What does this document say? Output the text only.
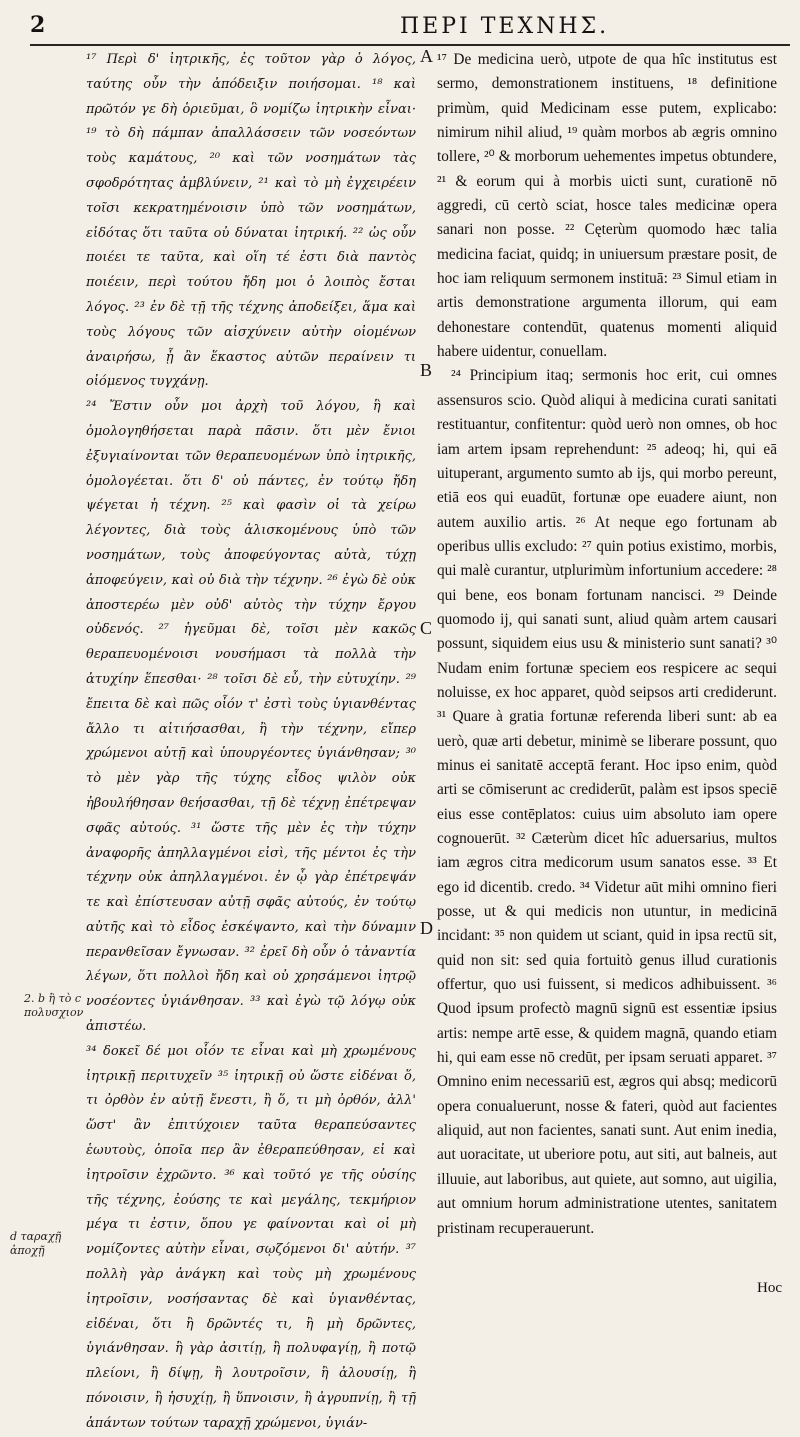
2	ΠΕΡΙ ΤΕΧΝΗΣ.

¹⁷ Περὶ δ' ἰητρικῆς, ἐς τοῦτον γὰρ ὁ λόγος, ταύτης οὖν τὴν ἀπόδειξιν ποιήσομαι. ¹⁸ καὶ πρῶτόν γε δὴ ὁριεῦμαι, ὃ νομίζω ἰητρικὴν εἶναι· ¹⁹ τὸ δὴ πάμπαν ἀπαλλάσσειν τῶν νοσεόντων τοὺς καμάτους, ²⁰ καὶ τῶν νοσημάτων τὰς σφοδρότητας ἀμβλύνειν, ²¹ καὶ τὸ μὴ ἐγχειρέειν τοῖσι κεκρατημένοισιν ὑπὸ τῶν νοσημάτων, εἰδότας ὅτι ταῦτα οὐ δύναται ἰητρική. ²² ὡς οὖν ποιέει τε ταῦτα, καὶ οἵη τέ ἐστι διὰ παντὸς ποιέειν, περὶ τούτου ἤδη μοι ὁ λοιπὸς ἔσται λόγος. ²³ ἐν δὲ τῇ τῆς τέχνης ἀποδείξει, ἅμα καὶ τοὺς λόγους τῶν αἰσχύνειν αὐτὴν οἰομένων ἀναιρήσω, ᾗ ἂν ἕκαστος αὐτῶν περαίνειν τι οἰόμενος τυγχάνῃ.

²⁴ Ἔστιν οὖν μοι ἀρχὴ τοῦ λόγου, ἣ καὶ ὁμολογηθήσεται παρὰ πᾶσιν. ὅτι μὲν ἔνιοι ἐξυγιαίνονται τῶν θεραπευομένων ὑπὸ ἰητρικῆς, ὁμολογέεται. ὅτι δ' οὐ πάντες, ἐν τούτῳ ἤδη ψέγεται ἡ τέχνη. ²⁵ καὶ φασὶν οἱ τὰ χείρω λέγοντες, διὰ τοὺς ἁλισκομένους ὑπὸ τῶν νοσημάτων, τοὺς ἀποφεύγοντας αὐτὰ, τύχῃ ἀποφεύγειν, καὶ οὐ διὰ τὴν τέχνην. ²⁶ ἐγὼ δὲ οὐκ ἀποστερέω μὲν οὐδ' αὐτὸς τὴν τύχην ἔργου οὐδενός. ²⁷ ἡγεῦμαι δὲ, τοῖσι μὲν κακῶς θεραπευομένοισι νουσήμασι τὰ πολλὰ τὴν ἀτυχίην ἕπεσθαι· ²⁸ τοῖσι δὲ εὖ, τὴν εὐτυχίην. ²⁹ ἔπειτα δὲ καὶ πῶς οἷόν τ' ἐστὶ τοὺς ὑγιανθέντας ἄλλο τι αἰτιήσασθαι, ἢ τὴν τέχνην, εἴπερ χρώμενοι αὐτῇ καὶ ὑπουργέοντες ὑγιάνθησαν; ³⁰ τὸ μὲν γὰρ τῆς τύχης εἶδος ψιλὸν οὐκ ἠβουλήθησαν θεήσασθαι, τῇ δὲ τέχνῃ ἐπέτρεψαν σφᾶς αὐτούς. ³¹ ὥστε τῆς μὲν ἐς τὴν τύχην ἀναφορῆς ἀπηλλαγμένοι εἰσὶ, τῆς μέντοι ἐς τὴν τέχνην οὐκ ἀπηλλαγμένοι. ἐν ᾧ γὰρ ἐπέτρεψάν τε καὶ ἐπίστευσαν αὐτῇ σφᾶς αὐτούς, ἐν τούτῳ αὐτῆς καὶ τὸ εἶδος ἐσκέψαντο, καὶ τὴν δύναμιν περανθεῖσαν ἔγνωσαν. ³² ἐρεῖ δὴ οὖν ὁ τἀναντία λέγων, ὅτι πολλοὶ ἤδη καὶ οὐ χρησάμενοι ἰητρῷ νοσέοντες ὑγιάνθησαν. ³³ καὶ ἐγὼ τῷ λόγῳ οὐκ ἀπιστέω.

³⁴ δοκεῖ δέ μοι οἷόν τε εἶναι καὶ μὴ χρωμένους ἰητρικῇ περιτυχεῖν ³⁵ ἰητρικῇ οὐ ὥστε εἰδέναι ὅ, τι ὀρθὸν ἐν αὐτῇ ἔνεστι, ἢ ὅ, τι μὴ ὀρθόν, ἀλλ' ὥστ' ἂν ἐπιτύχοιεν ταῦτα θεραπεύσαντες ἑωυτοὺς, ὁποῖα περ ἂν ἐθεραπεύθησαν, εἰ καὶ ἰητροῖσιν ἐχρῶντο. ³⁶ καὶ τοῦτό γε τῆς οὐσίης τῆς τέχνης, ἐούσης τε καὶ μεγάλης, τεκμήριον μέγα τι ἐστιν, ὅπου γε φαίνονται καὶ οἱ μὴ νομίζοντες αὐτὴν εἶναι, σῳζόμενοι δι' αὐτήν. ³⁷ πολλὴ γὰρ ἀνάγκη καὶ τοὺς μὴ χρωμένους ἰητροῖσιν, νοσήσαντας δὲ καὶ ὑγιανθέντας, εἰδέναι, ὅτι ἢ δρῶντές τι, ἢ μὴ δρῶντες, ὑγιάνθησαν. ἢ γὰρ ἀσιτίῃ, ἢ πολυφαγίῃ, ἢ ποτῷ πλείονι, ἢ δίψῃ, ἢ λουτροῖσιν, ἢ ἀλουσίῃ, ἢ πόνοισιν, ἢ ἡσυχίῃ, ἢ ὕπνοισιν, ἢ ἀγρυπνίῃ, ἢ τῇ ἁπάντων τούτων ταραχῇ χρώμενοι, ὑγιάν-

A
B
C
D

¹⁷ De medicina uerò, utpote de qua hîc institutus est sermo, demonstrationem instituens, ¹⁸ definitione primùm, quid Medicinam esse putem, explicabo: nimirum nihil aliud, ¹⁹ quàm morbos ab ægris omnino tollere, ²⁰ & morborum uehementes impetus obtundere, ²¹ & eorum qui à morbis uicti sunt, curationē nō aggredi, cū certò sciat, hosce tales medicinæ opera sanari non posse. ²² Cęterùm quomodo hæc talia medicina faciat, quidq; in uniuersum præstare posit, de hoc iam reliquum sermonem instituā: ²³ Simul etiam in artis demonstratione argumenta illorum, qui eam dehonestare contendūt, quatenus momenti aliquid habere uidentur, conuellam.

²⁴ Principium itaq; sermonis hoc erit, cui omnes assensuros scio. Quòd aliqui à medicina curati sanitati restituantur, confitentur: quòd uerò non omnes, ob hoc iam artem ipsam reprehendunt: ²⁵ adeoq; hi, qui eā uituperant, argumento sumto ab ijs, qui morbo pereunt, etiā eos qui euadūt, fortunæ ope euadere aiunt, non autem auxilio artis. ²⁶ At neque ego fortunam ab operibus ullis excludo: ²⁷ quin potius existimo, morbis, qui malè curantur, utplurimùm infortunium accedere: ²⁸ qui bene, eos bonam fortunam nancisci. ²⁹ Deinde quomodo ij, qui sanati sunt, aliud quàm artem causari possunt, siquidem eius usu & ministerio sunt sanati? ³⁰ Nudam enim fortunæ speciem eos respicere ac sequi noluisse, ex hoc apparet, quòd seipsos arti crediderunt. ³¹ Quare à gratia fortunæ referenda liberi sunt: ab ea uerò, quæ arti debetur, minimè se liberare possunt, quo minus ei sanitatē acceptā ferant. Hoc ipso enim, quòd arti se cōmiserunt ac crediderūt, palàm est ipsos speciē eius esse contēplatos: cuius uim absoluto iam opere cognouerūt. ³² Cæterùm dicet hîc aduersarius, multos iam ægros citra medicorum usum sanatos esse. ³³ Et ego id dicentib. credo. ³⁴ Videtur aūt mihi omnino fieri posse, ut & qui medicis non utuntur, in medicinā incidant: ³⁵ non quidem ut sciant, quid in ipsa rectū sit, quid non sit: sed quia fortuitò genus illud curationis offertur, quo usi fuissent, si medicos adhibuissent. ³⁶ Quod ipsum profectò magnū signū est essentiæ ipsius artis: nempe artē esse, & quidem magnā, quando etiam hi, qui eam esse nō credūt, per ipsam seruati apparet. ³⁷ Omnino enim necessariū est, ægros qui absq; medicorū opera conualuerunt, nosse & fateri, quòd aut facientes aliquid, aut non facientes, sanati sunt. Aut enim inedia, aut uoracitate, ut uberiore potu, aut siti, aut balneis, aut illuuie, aut laboribus, aut quiete, aut somno, aut uigilia, aut omnium horum administratione utentes, sanitatem pristinam recuperauerunt.

2. b ἢ τὸ c πολυσχιον
d ταραχῇ ἀποχῇ
Hoc
